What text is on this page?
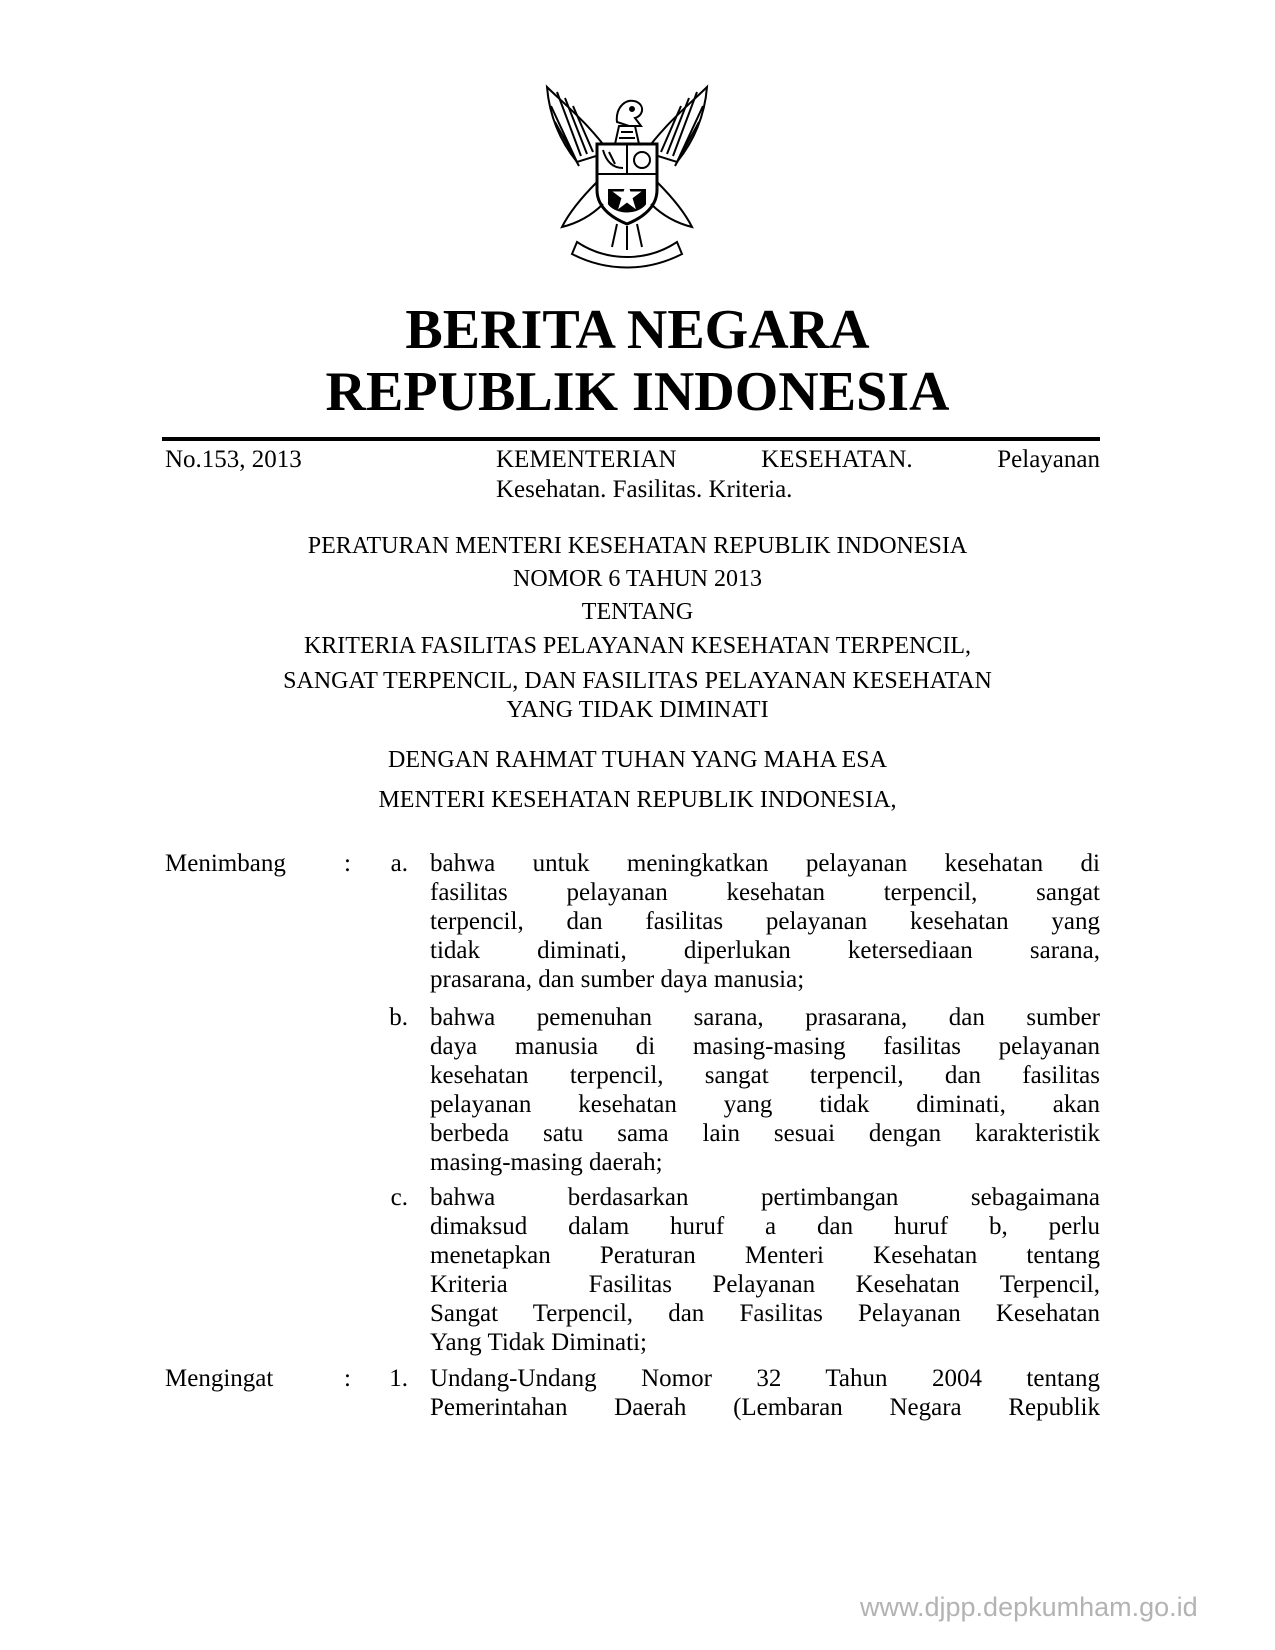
BERITA NEGARA
REPUBLIK INDONESIA
No.153, 2013	KEMENTERIAN KESEHATAN. Pelayanan
Kesehatan. Fasilitas. Kriteria.
PERATURAN MENTERI KESEHATAN REPUBLIK INDONESIA
NOMOR 6 TAHUN 2013
TENTANG
KRITERIA FASILITAS PELAYANAN KESEHATAN TERPENCIL,
SANGAT TERPENCIL, DAN FASILITAS PELAYANAN KESEHATAN
YANG TIDAK DIMINATI
DENGAN RAHMAT TUHAN YANG MAHA ESA
MENTERI KESEHATAN REPUBLIK INDONESIA,
Menimbang :	a. bahwa untuk meningkatkan pelayanan kesehatan di
fasilitas pelayanan kesehatan terpencil, sangat
terpencil, dan fasilitas pelayanan kesehatan yang
tidak diminati, diperlukan ketersediaan sarana,
prasarana, dan sumber daya manusia;
b. bahwa pemenuhan sarana, prasarana, dan sumber
daya manusia di masing-masing fasilitas pelayanan
kesehatan terpencil, sangat terpencil, dan fasilitas
pelayanan kesehatan yang tidak diminati, akan
berbeda satu sama lain sesuai dengan karakteristik
masing-masing daerah;
c. bahwa berdasarkan pertimbangan sebagaimana
dimaksud dalam huruf a dan huruf b, perlu
menetapkan Peraturan Menteri Kesehatan tentang
Kriteria  Fasilitas Pelayanan Kesehatan Terpencil,
Sangat Terpencil, dan Fasilitas Pelayanan Kesehatan
Yang Tidak Diminati;
Mengingat	:	1. Undang-Undang Nomor 32 Tahun 2004 tentang
Pemerintahan Daerah (Lembaran Negara Republik
www.djpp.depkumham.go.id
